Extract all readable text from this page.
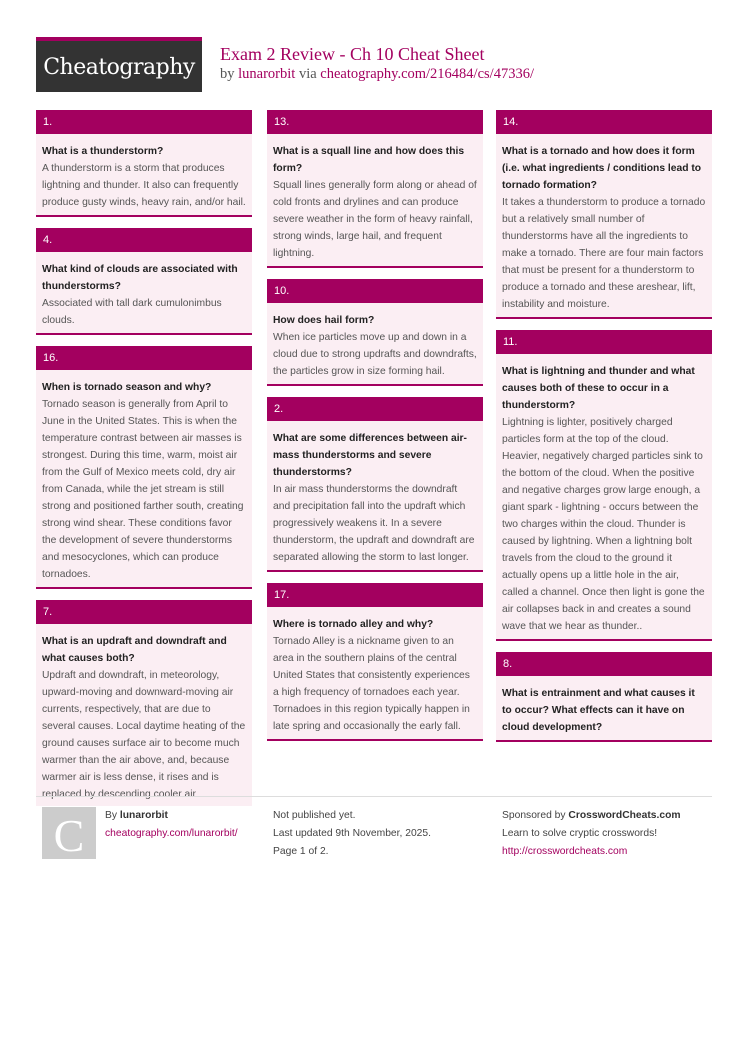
Cheatography
Exam 2 Review - Ch 10 Cheat Sheet
by lunarorbit via cheatography.com/216484/cs/47336/
1.
What is a thunderstorm?
A thunderstorm is a storm that produces lightning and thunder. It also can frequently produce gusty winds, heavy rain, and/or hail.
4.
What kind of clouds are associated with thunderstorms?
Associated with tall dark cumulonimbus clouds.
16.
When is tornado season and why?
Tornado season is generally from April to June in the United States. This is when the temperature contrast between air masses is strongest. During this time, warm, moist air from the Gulf of Mexico meets cold, dry air from Canada, while the jet stream is still strong and positioned farther south, creating strong wind shear. These conditions favor the development of severe thunderstorms and mesocyclones, which can produce tornadoes.
7.
What is an updraft and downdraft and what causes both?
Updraft and downdraft, in meteorology, upward-moving and downward-moving air currents, respectively, that are due to several causes. Local daytime heating of the ground causes surface air to become much warmer than the air above, and, because warmer air is less dense, it rises and is replaced by descending cooler air
13.
What is a squall line and how does this form?
Squall lines generally form along or ahead of cold fronts and drylines and can produce severe weather in the form of heavy rainfall, strong winds, large hail, and frequent lightning.
10.
How does hail form?
When ice particles move up and down in a cloud due to strong updrafts and downdrafts, the particles grow in size forming hail.
2.
What are some differences between air-mass thunderstorms and severe thunderstorms?
In air mass thunderstorms the downdraft and precipitation fall into the updraft which progressively weakens it. In a severe thunderstorm, the updraft and downdraft are separated allowing the storm to last longer.
17.
Where is tornado alley and why?
Tornado Alley is a nickname given to an area in the southern plains of the central United States that consistently experiences a high frequency of tornadoes each year. Tornadoes in this region typically happen in late spring and occasionally the early fall.
14.
What is a tornado and how does it form (i.e. what ingredients / conditions lead to tornado formation?
It takes a thunderstorm to produce a tornado but a relatively small number of thunderstorms have all the ingredients to make a tornado. There are four main factors that must be present for a thunderstorm to produce a tornado and these areshear, lift, instability and moisture.
11.
What is lightning and thunder and what causes both of these to occur in a thunderstorm?
Lightning is lighter, positively charged particles form at the top of the cloud. Heavier, negatively charged particles sink to the bottom of the cloud. When the positive and negative charges grow large enough, a giant spark - lightning - occurs between the two charges within the cloud. Thunder is caused by lightning. When a lightning bolt travels from the cloud to the ground it actually opens up a little hole in the air, called a channel. Once then light is gone the air collapses back in and creates a sound wave that we hear as thunder..
8.
What is entrainment and what causes it to occur? What effects can it have on cloud development?
C	By lunarorbit
cheatography.com/lunarorbit/
Not published yet.
Last updated 9th November, 2025.
Page 1 of 2.
Sponsored by CrosswordCheats.com
Learn to solve cryptic crosswords!
http://crosswordcheats.com
